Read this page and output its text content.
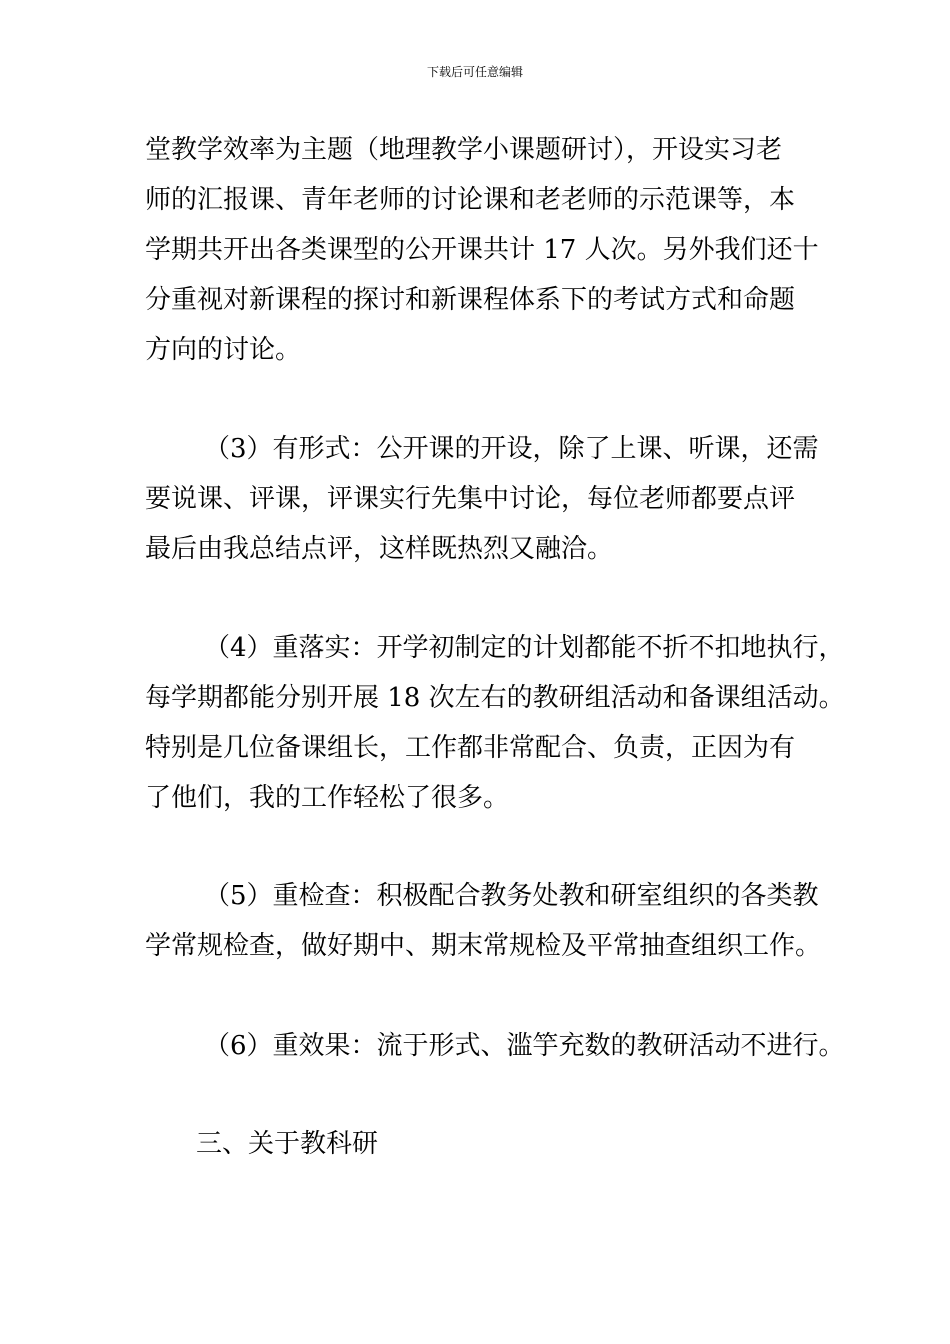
下载后可任意编辑
堂教学效率为主题（地理教学小课题研讨），开设实习老
师的汇报课、青年老师的讨论课和老老师的示范课等，本
学期共开出各类课型的公开课共计 17 人次。另外我们还十
分重视对新课程的探讨和新课程体系下的考试方式和命题
方向的讨论。
（3）有形式：公开课的开设，除了上课、听课，还需
要说课、评课，评课实行先集中讨论，每位老师都要点评
最后由我总结点评，这样既热烈又融洽。
（4）重落实：开学初制定的计划都能不折不扣地执行，
每学期都能分别开展 18 次左右的教研组活动和备课组活动。
特别是几位备课组长，工作都非常配合、负责，正因为有
了他们，我的工作轻松了很多。
（5）重检查：积极配合教务处教和研室组织的各类教
学常规检查，做好期中、期末常规检及平常抽查组织工作。
（6）重效果：流于形式、滥竽充数的教研活动不进行。
三、关于教科研
